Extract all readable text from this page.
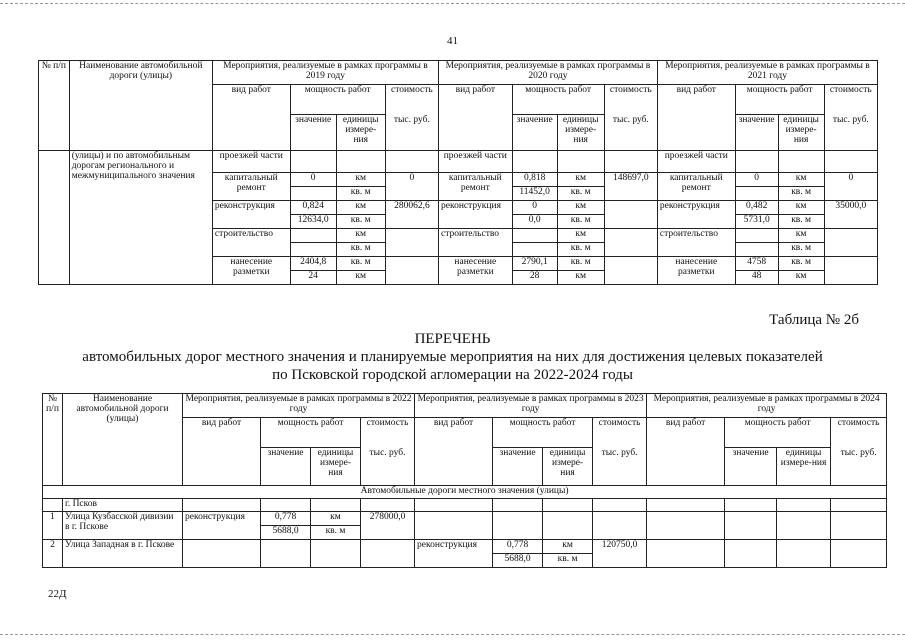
41
№ п/п	Наименование автомобильной дороги (улицы)	Мероприятия, реализуемые в рамках программы в 2019 году				Мероприятия, реализуемые в рамках программы в 2020 году				Мероприятия, реализуемые в рамках программы в 2021 году			
		вид работ	мощность работ		стоимость	вид работ	мощность работ		стоимость	вид работ	мощность работ		стоимость
			значение	единицы измере-ния	тыс. руб.		значение	единицы измере-ния	тыс. руб.		значение	единицы измере-ния	тыс. руб.
	(улицы) и по автомобильным дорогам регионального и межмуниципального значения	проезжей части				проезжей части				проезжей части			
		капитальный ремонт	0	км	0	капитальный ремонт	0,818	км	148697,0	капитальный ремонт	0	км	0
				кв. м			11452,0	кв. м				кв. м	
		реконструкция	0,824	км	280062,6	реконструкция	0	км		реконструкция	0,482	км	35000,0
			12634,0	кв. м			0,0	кв. м			5731,0	кв. м	
		строительство		км		строительство		км		строительство		км	
				кв. м				кв. м				кв. м	
		нанесение разметки	2404,8	кв. м		нанесение разметки	2790,1	кв. м		нанесение разметки	4758	кв. м	
			24	км			28	км			48	км	
Таблица № 2б
ПЕРЕЧЕНЬ
автомобильных дорог местного значения и планируемые мероприятия на них для достижения целевых показателей
по Псковской городской агломерации на 2022-2024 годы
№ п/п	Наименование автомобильной дороги (улицы)	Мероприятия, реализуемые в рамках программы в 2022 году				Мероприятия, реализуемые в рамках программы в 2023 году				Мероприятия, реализуемые в рамках программы в 2024 году			
		вид работ	мощность работ		стоимость	вид работ	мощность работ		стоимость	вид работ	мощность работ		стоимость
			значение	единицы измере-ния	тыс. руб.		значение	единицы измере-ния	тыс. руб.		значение	единицы измере-ния	тыс. руб.
Автомобильные дороги местного значения (улицы)													
	г. Псков												
1	Улица Кузбасской дивизии в г. Пскове	реконструкция	0,778	км	278000,0								
			5688,0	кв. м									
2	Улица Западная в г. Пскове					реконструкция	0,778	км	120750,0				
							5688,0	кв. м					
22Д
